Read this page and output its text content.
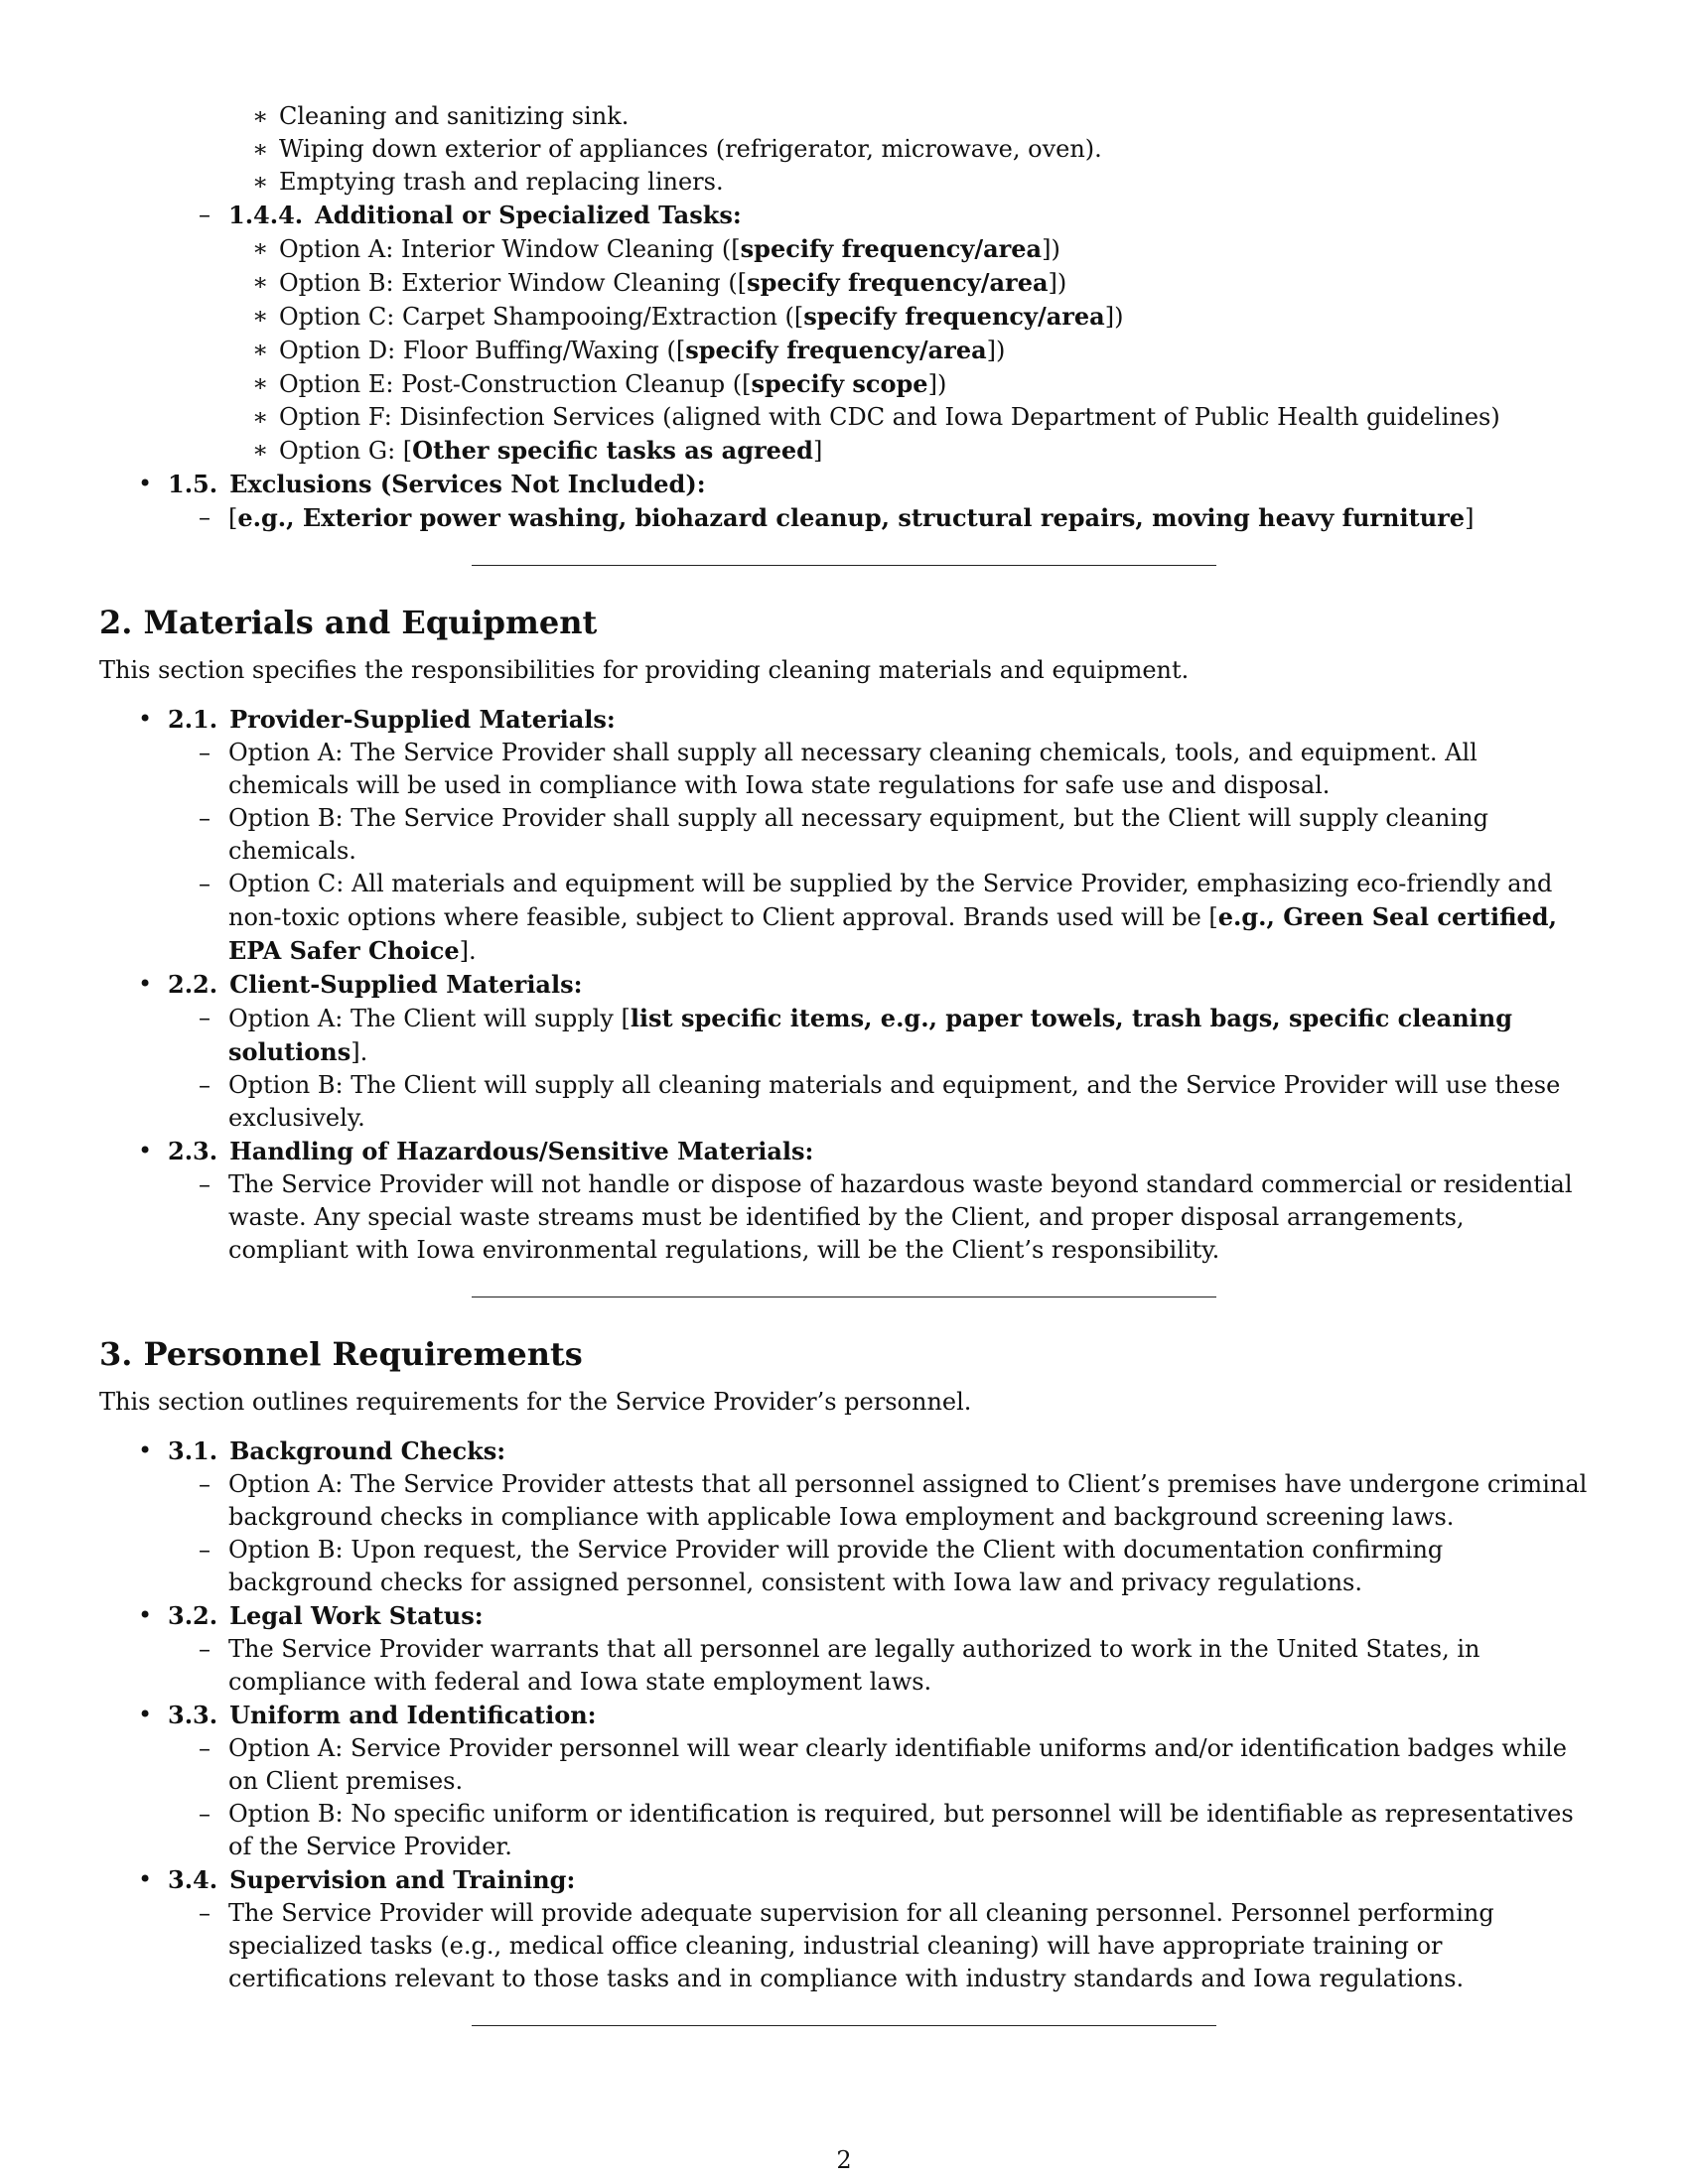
∗ Cleaning and sanitizing sink.
∗ Wiping down exterior of appliances (refrigerator, microwave, oven).
∗ Emptying trash and replacing liners.
– 1.4.4. Additional or Specialized Tasks:
∗ Option A: Interior Window Cleaning ([specify frequency/area])
∗ Option B: Exterior Window Cleaning ([specify frequency/area])
∗ Option C: Carpet Shampooing/Extraction ([specify frequency/area])
∗ Option D: Floor Buffing/Waxing ([specify frequency/area])
∗ Option E: Post-Construction Cleanup ([specify scope])
∗ Option F: Disinfection Services (aligned with CDC and Iowa Department of Public Health guidelines)
∗ Option G: [Other specific tasks as agreed]
• 1.5. Exclusions (Services Not Included):
– [e.g., Exterior power washing, biohazard cleanup, structural repairs, moving heavy furniture]
2. Materials and Equipment
This section specifies the responsibilities for providing cleaning materials and equipment.
• 2.1. Provider-Supplied Materials:
– Option A: The Service Provider shall supply all necessary cleaning chemicals, tools, and equipment. All chemicals will be used in compliance with Iowa state regulations for safe use and disposal.
– Option B: The Service Provider shall supply all necessary equipment, but the Client will supply cleaning chemicals.
– Option C: All materials and equipment will be supplied by the Service Provider, emphasizing eco-friendly and non-toxic options where feasible, subject to Client approval. Brands used will be [e.g., Green Seal certified, EPA Safer Choice].
• 2.2. Client-Supplied Materials:
– Option A: The Client will supply [list specific items, e.g., paper towels, trash bags, specific cleaning solutions].
– Option B: The Client will supply all cleaning materials and equipment, and the Service Provider will use these exclusively.
• 2.3. Handling of Hazardous/Sensitive Materials:
– The Service Provider will not handle or dispose of hazardous waste beyond standard commercial or residential waste. Any special waste streams must be identified by the Client, and proper disposal arrangements, compliant with Iowa environmental regulations, will be the Client’s responsibility.
3. Personnel Requirements
This section outlines requirements for the Service Provider’s personnel.
• 3.1. Background Checks:
– Option A: The Service Provider attests that all personnel assigned to Client’s premises have undergone criminal background checks in compliance with applicable Iowa employment and background screening laws.
– Option B: Upon request, the Service Provider will provide the Client with documentation confirming background checks for assigned personnel, consistent with Iowa law and privacy regulations.
• 3.2. Legal Work Status:
– The Service Provider warrants that all personnel are legally authorized to work in the United States, in compliance with federal and Iowa state employment laws.
• 3.3. Uniform and Identification:
– Option A: Service Provider personnel will wear clearly identifiable uniforms and/or identification badges while on Client premises.
– Option B: No specific uniform or identification is required, but personnel will be identifiable as representatives of the Service Provider.
• 3.4. Supervision and Training:
– The Service Provider will provide adequate supervision for all cleaning personnel. Personnel performing specialized tasks (e.g., medical office cleaning, industrial cleaning) will have appropriate training or certifications relevant to those tasks and in compliance with industry standards and Iowa regulations.
2
